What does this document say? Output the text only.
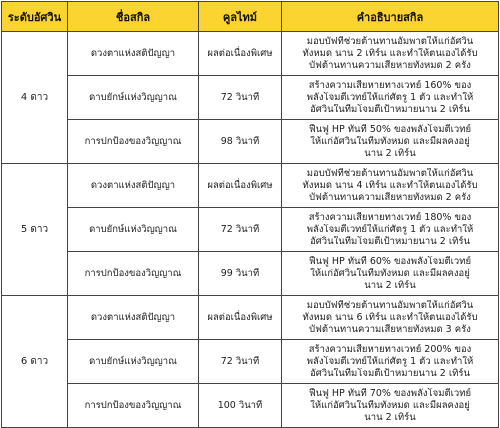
ระดับอัศวิน	ชื่อสกิล	คูลไทม์	คำอธิบายสกิล
4 ดาว	ดวงตาแห่งสติปัญญา	ผลต่อเนื่องพิเศษ	มอบบัฟที่ช่วยต้านทานอัมพาตให้แก่อัศวิน
ทั้งหมด นาน 2 เทิร์น และทำให้ตนเองได้รับ
บัฟต้านทานความเสียหายทั้งหมด 2 ครั้ง

	ดาบยักษ์แห่งวิญญาณ	72 วินาที	สร้างความเสียหายทางเวทย์ 160% ของ
พลังโจมตีเวทย์ให้แก่ศัตรู 1 ตัว และทำให้
อัศวินในทีมโจมตีเป้าหมายนาน 2 เทิร์น

	การปกป้องของวิญญาณ	98 วินาที	ฟื้นฟู HP ทันที 50% ของพลังโจมตีเวทย์
ให้แก่อัศวินในทีมทั้งหมด และมีผลคงอยู่
นาน 2 เทิร์น

5 ดาว	ดวงตาแห่งสติปัญญา	ผลต่อเนื่องพิเศษ	มอบบัฟที่ช่วยต้านทานอัมพาตให้แก่อัศวิน
ทั้งหมด นาน 4 เทิร์น และทำให้ตนเองได้รับ
บัฟต้านทานความเสียหายทั้งหมด 2 ครั้ง

	ดาบยักษ์แห่งวิญญาณ	72 วินาที	สร้างความเสียหายทางเวทย์ 180% ของ
พลังโจมตีเวทย์ให้แก่ศัตรู 1 ตัว และทำให้
อัศวินในทีมโจมตีเป้าหมายนาน 2 เทิร์น

	การปกป้องของวิญญาณ	99 วินาที	ฟื้นฟู HP ทันที 60% ของพลังโจมตีเวทย์
ให้แก่อัศวินในทีมทั้งหมด และมีผลคงอยู่
นาน 2 เทิร์น

6 ดาว	ดวงตาแห่งสติปัญญา	ผลต่อเนื่องพิเศษ	มอบบัฟที่ช่วยต้านทานอัมพาตให้แก่อัศวิน
ทั้งหมด นาน 6 เทิร์น และทำให้ตนเองได้รับ
บัฟต้านทานความเสียหายทั้งหมด 3 ครั้ง

	ดาบยักษ์แห่งวิญญาณ	72 วินาที	สร้างความเสียหายทางเวทย์ 200% ของ
พลังโจมตีเวทย์ให้แก่ศัตรู 1 ตัว และทำให้
อัศวินในทีมโจมตีเป้าหมายนาน 2 เทิร์น

	การปกป้องของวิญญาณ	100 วินาที	ฟื้นฟู HP ทันที 70% ของพลังโจมตีเวทย์
ให้แก่อัศวินในทีมทั้งหมด และมีผลคงอยู่
นาน 2 เทิร์น
